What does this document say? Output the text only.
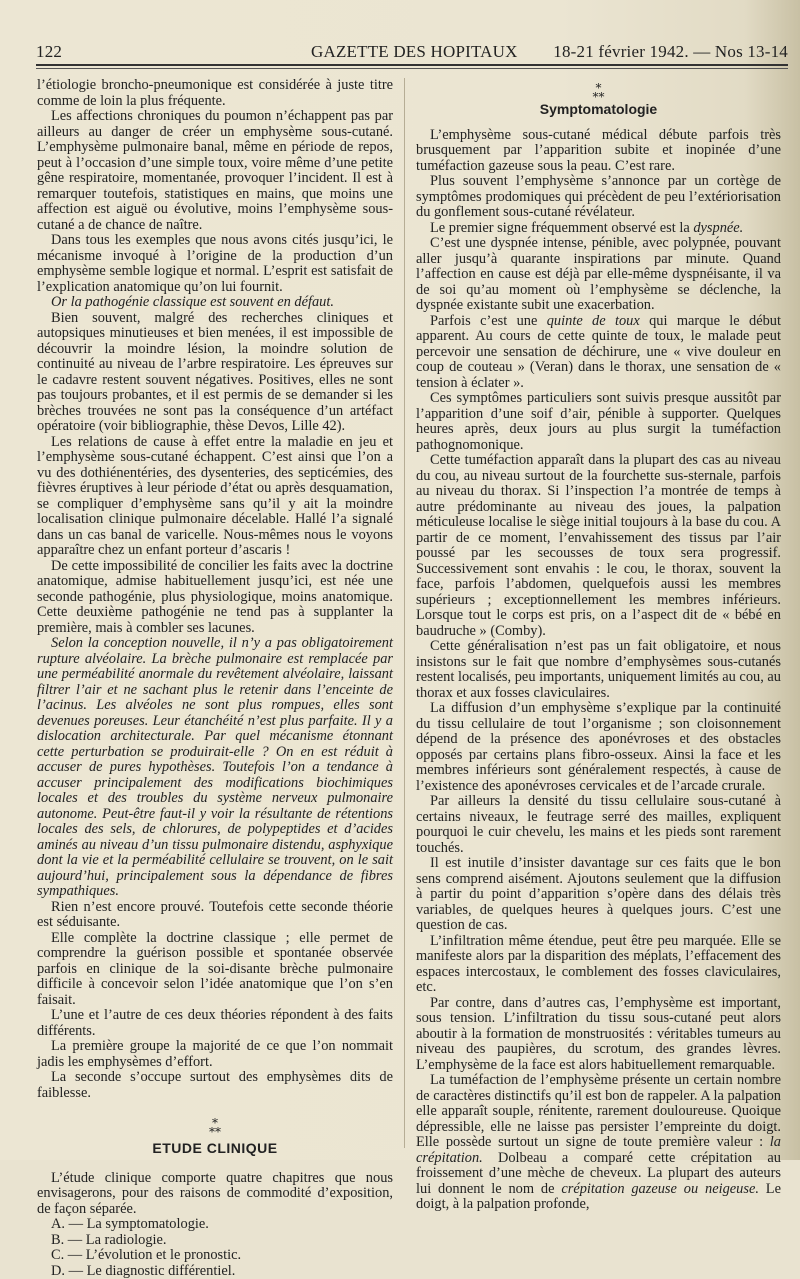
122	GAZETTE DES HOPITAUX 18-21 février 1942. — Nos 13-14

l’étiologie broncho-pneumonique est considérée à juste titre comme de loin la plus fréquente.

Les affections chroniques du poumon n’échappent pas par ailleurs au danger de créer un emphysème sous-cutané. L’emphysème pulmonaire banal, même en période de repos, peut à l’occasion d’une simple toux, voire même d’une petite gêne respiratoire, momentanée, provoquer l’incident. Il est à remarquer toutefois, statistiques en mains, que moins une affection est aiguë ou évolutive, moins l’emphysème sous-cutané a de chance de naître.

Dans tous les exemples que nous avons cités jusqu’ici, le mécanisme invoqué à l’origine de la production d’un emphysème semble logique et normal. L’esprit est satisfait de l’explication anatomique qu’on lui fournit.

Or la pathogénie classique est souvent en défaut.

Bien souvent, malgré des recherches cliniques et autopsiques minutieuses et bien menées, il est impossible de découvrir la moindre lésion, la moindre solution de continuité au niveau de l’arbre respiratoire. Les épreuves sur le cadavre restent souvent négatives. Positives, elles ne sont pas toujours probantes, et il est permis de se demander si les brèches trouvées ne sont pas la conséquence d’un artéfact opératoire (voir bibliographie, thèse Devos, Lille 42).

Les relations de cause à effet entre la maladie en jeu et l’emphysème sous-cutané échappent. C’est ainsi que l’on a vu des dothiénentéries, des dysenteries, des septicémies, des fièvres éruptives à leur période d’état ou après desquamation, se compliquer d’emphysème sans qu’il y ait la moindre localisation clinique pulmonaire décelable. Hallé l’a signalé dans un cas banal de varicelle. Nous-mêmes nous le voyons apparaître chez un enfant porteur d’ascaris !

De cette impossibilité de concilier les faits avec la doctrine anatomique, admise habituellement jusqu’ici, est née une seconde pathogénie, plus physiologique, moins anatomique. Cette deuxième pathogénie ne tend pas à supplanter la première, mais à combler ses lacunes.

Selon la conception nouvelle, il n’y a pas obligatoirement rupture alvéolaire. La brèche pulmonaire est remplacée par une perméabilité anormale du revêtement alvéolaire, laissant filtrer l’air et ne sachant plus le retenir dans l’enceinte de l’acinus. Les alvéoles ne sont plus rompues, elles sont devenues poreuses. Leur étanchéité n’est plus parfaite. Il y a dislocation architecturale. Par quel mécanisme étonnant cette perturbation se produirait-elle ? On en est réduit à accuser de pures hypothèses. Toutefois l’on a tendance à accuser principalement des modifications biochimiques locales et des troubles du système nerveux pulmonaire autonome. Peut-être faut-il y voir la résultante de rétentions locales des sels, de chlorures, de polypeptides et d’acides aminés au niveau d’un tissu pulmonaire distendu, asphyxique dont la vie et la perméabilité cellulaire se trouvent, on le sait aujourd’hui, principalement sous la dépendance de fibres sympathiques.

Rien n’est encore prouvé. Toutefois cette seconde théorie est séduisante.

Elle complète la doctrine classique ; elle permet de comprendre la guérison possible et spontanée observée parfois en clinique de la soi-disante brèche pulmonaire difficile à concevoir selon l’idée anatomique que l’on s’en faisait.

L’une et l’autre de ces deux théories répondent à des faits différents.

La première groupe la majorité de ce que l’on nommait jadis les emphysèmes d’effort.

La seconde s’occupe surtout des emphysèmes dits de faiblesse.

⁎
⁎⁎
ETUDE CLINIQUE

L’étude clinique comporte quatre chapitres que nous envisagerons, pour des raisons de commodité d’exposition, de façon séparée.

A. — La symptomatologie.
B. — La radiologie.
C. — L’évolution et le pronostic.
D. — Le diagnostic différentiel.
⁎
⁎⁎
Symptomatologie

L’emphysème sous-cutané médical débute parfois très brusquement par l’apparition subite et inopinée d’une tuméfaction gazeuse sous la peau. C’est rare.

Plus souvent l’emphysème s’annonce par un cortège de symptômes prodomiques qui précèdent de peu l’extériorisation du gonflement sous-cutané révélateur.

Le premier signe fréquemment observé est la dyspnée.

C’est une dyspnée intense, pénible, avec polypnée, pouvant aller jusqu’à quarante inspirations par minute. Quand l’affection en cause est déjà par elle-même dyspnéisante, il va de soi qu’au moment où l’emphysème se déclenche, la dyspnée existante subit une exacerbation.

Parfois c’est une quinte de toux qui marque le début apparent. Au cours de cette quinte de toux, le malade peut percevoir une sensation de déchirure, une « vive douleur en coup de couteau » (Veran) dans le thorax, une sensation de « tension à éclater ».

Ces symptômes particuliers sont suivis presque aussitôt par l’apparition d’une soif d’air, pénible à supporter. Quelques heures après, deux jours au plus surgit la tuméfaction pathognomonique.

Cette tuméfaction apparaît dans la plupart des cas au niveau du cou, au niveau surtout de la fourchette sus-sternale, parfois au niveau du thorax. Si l’inspection l’a montrée de temps à autre prédominante au niveau des joues, la palpation méticuleuse localise le siège initial toujours à la base du cou. A partir de ce moment, l’envahissement des tissus par l’air poussé par les secousses de toux sera progressif. Successivement sont envahis : le cou, le thorax, souvent la face, parfois l’abdomen, quelquefois aussi les membres supérieurs ; exceptionnellement les membres inférieurs. Lorsque tout le corps est pris, on a l’aspect dit de « bébé en baudruche » (Comby).

Cette généralisation n’est pas un fait obligatoire, et nous insistons sur le fait que nombre d’emphysèmes sous-cutanés restent localisés, peu importants, uniquement limités au cou, au thorax et aux fosses claviculaires.

La diffusion d’un emphysème s’explique par la continuité du tissu cellulaire de tout l’organisme ; son cloisonnement dépend de la présence des aponévroses et des obstacles opposés par certains plans fibro-osseux. Ainsi la face et les membres inférieurs sont généralement respectés, à cause de l’existence des aponévroses cervicales et de l’arcade crurale.

Par ailleurs la densité du tissu cellulaire sous-cutané à certains niveaux, le feutrage serré des mailles, expliquent pourquoi le cuir chevelu, les mains et les pieds sont rarement touchés.

Il est inutile d’insister davantage sur ces faits que le bon sens comprend aisément. Ajoutons seulement que la diffusion à partir du point d’apparition s’opère dans des délais très variables, de quelques heures à quelques jours. C’est une question de cas.

L’infiltration même étendue, peut être peu marquée. Elle se manifeste alors par la disparition des méplats, l’effacement des espaces intercostaux, le comblement des fosses claviculaires, etc.

Par contre, dans d’autres cas, l’emphysème est important, sous tension. L’infiltration du tissu sous-cutané peut alors aboutir à la formation de monstruosités : véritables tumeurs au niveau des paupières, du scrotum, des grandes lèvres. L’emphysème de la face est alors habituellement remarquable.

La tuméfaction de l’emphysème présente un certain nombre de caractères distinctifs qu’il est bon de rappeler. A la palpation elle apparaît souple, rénitente, rarement douloureuse. Quoique dépressible, elle ne laisse pas persister l’empreinte du doigt. Elle possède surtout un signe de toute première valeur : la crépitation. Dolbeau a comparé cette crépitation au froissement d’une mèche de cheveux. La plupart des auteurs lui donnent le nom de crépitation gazeuse ou neigeuse. Le doigt, à la palpation profonde,
